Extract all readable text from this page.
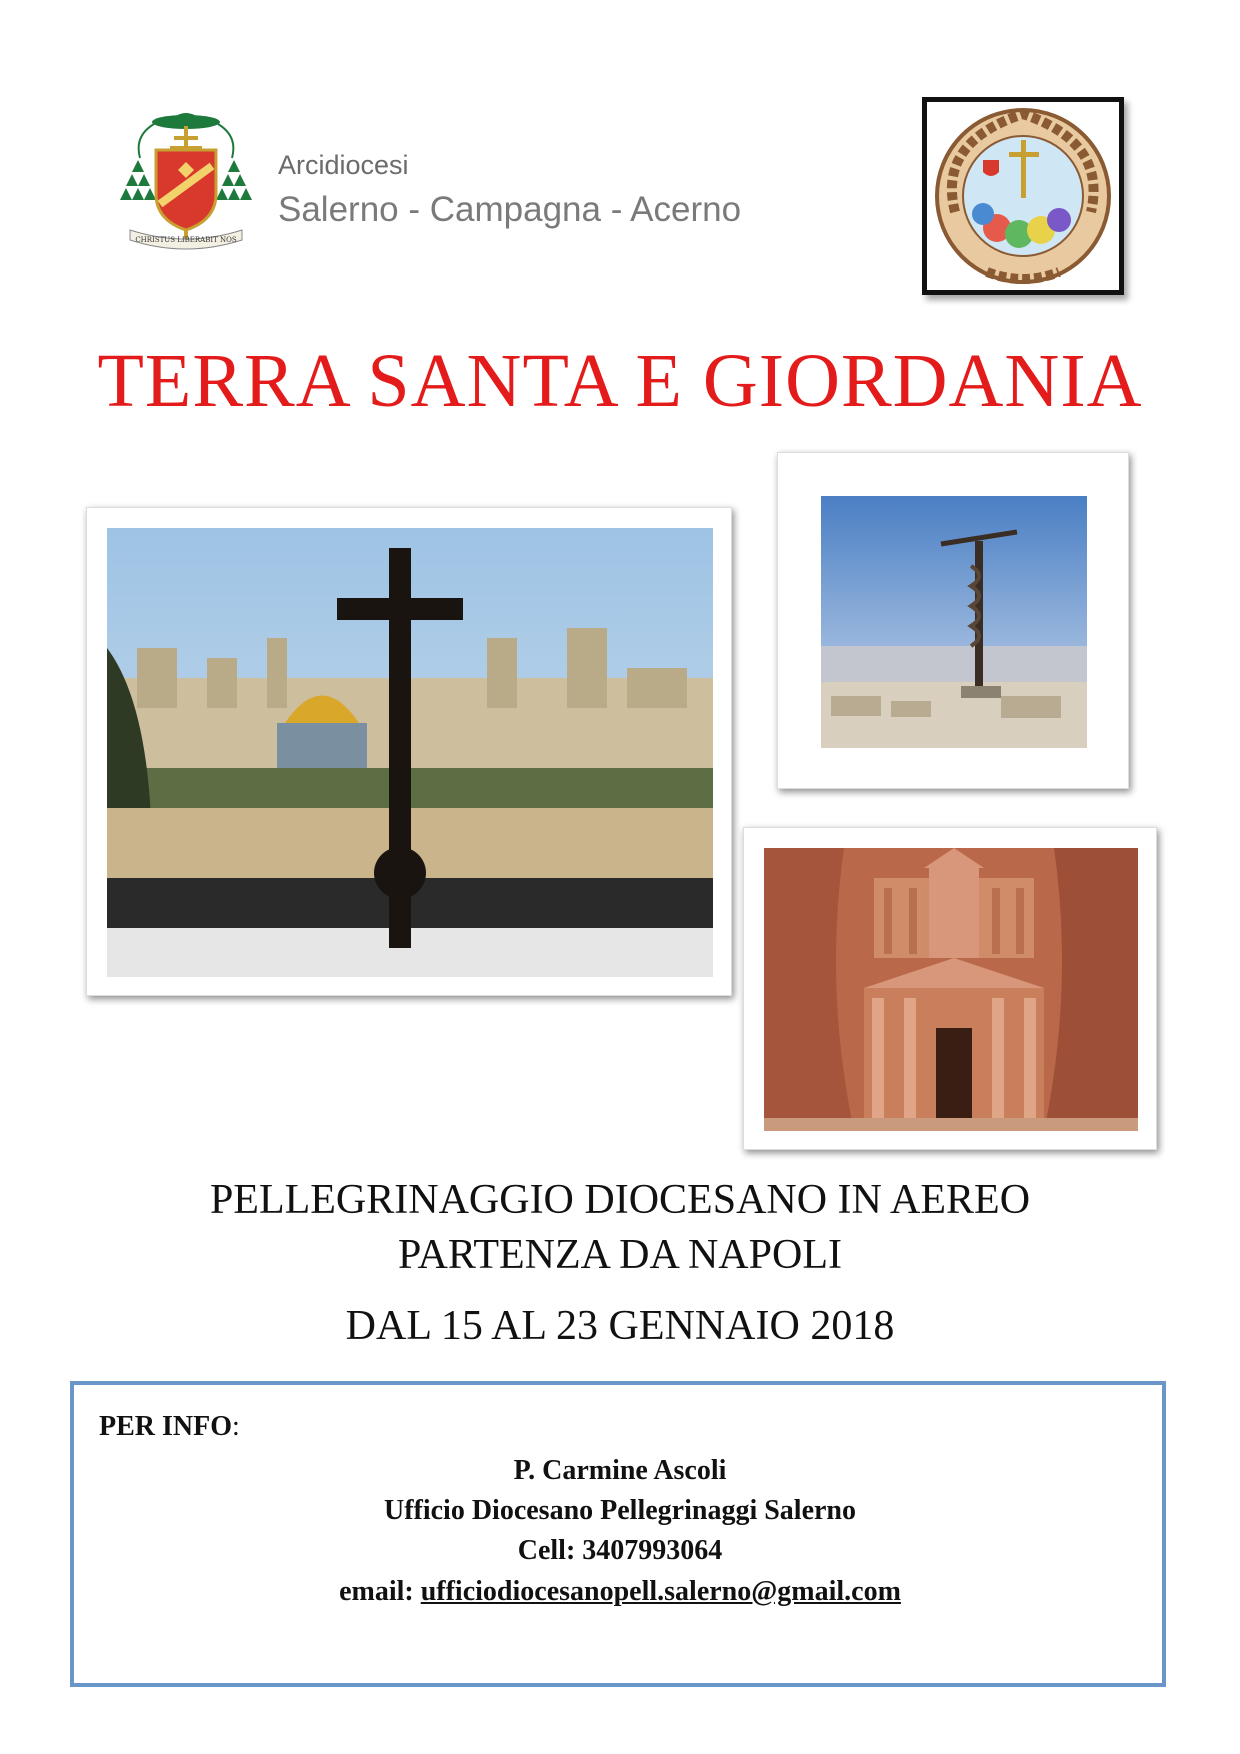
CHRISTUS LIBERABIT NOS
Arcidiocesi
Salerno - Campagna - Acerno
TERRA SANTA E GIORDANIA
PELLEGRINAGGIO DIOCESANO IN AEREO
PARTENZA DA NAPOLI
DAL 15 AL 23 GENNAIO 2018
PER INFO:
P. Carmine Ascoli
Ufficio Diocesano Pellegrinaggi Salerno
Cell: 3407993064
email: ufficiodiocesanopell.salerno@gmail.com
